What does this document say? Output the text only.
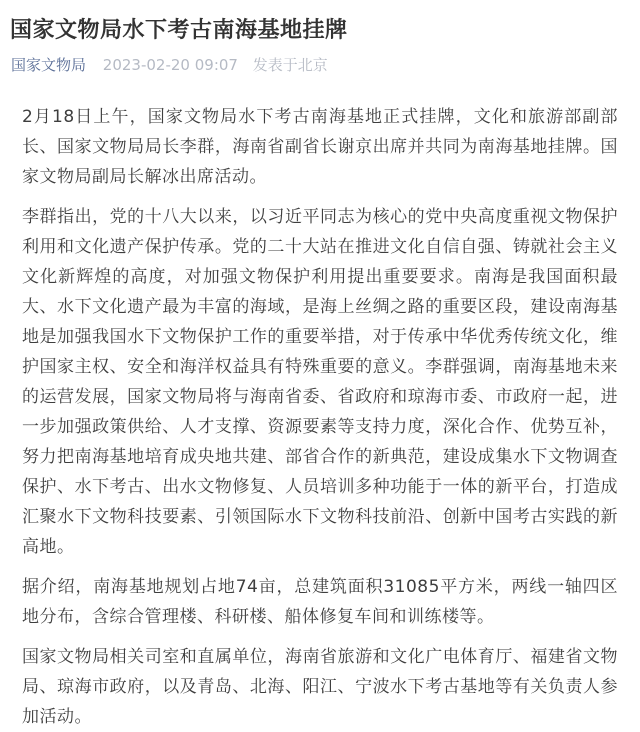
国家文物局水下考古南海基地挂牌
国家文物局 2023-02-20 09:07 发表于北京

2月18日上午，国家文物局水下考古南海基地正式挂牌，文化和旅游部副部长、国家文物局局长李群，海南省副省长谢京出席并共同为南海基地挂牌。国家文物局副局长解冰出席活动。

李群指出，党的十八大以来，以习近平同志为核心的党中央高度重视文物保护利用和文化遗产保护传承。党的二十大站在推进文化自信自强、铸就社会主义文化新辉煌的高度，对加强文物保护利用提出重要要求。南海是我国面积最大、水下文化遗产最为丰富的海域，是海上丝绸之路的重要区段，建设南海基地是加强我国水下文物保护工作的重要举措，对于传承中华优秀传统文化，维护国家主权、安全和海洋权益具有特殊重要的意义。李群强调，南海基地未来的运营发展，国家文物局将与海南省委、省政府和琼海市委、市政府一起，进一步加强政策供给、人才支撑、资源要素等支持力度，深化合作、优势互补，努力把南海基地培育成央地共建、部省合作的新典范，建设成集水下文物调查保护、水下考古、出水文物修复、人员培训多种功能于一体的新平台，打造成汇聚水下文物科技要素、引领国际水下文物科技前沿、创新中国考古实践的新高地。

据介绍，南海基地规划占地74亩，总建筑面积31085平方米，两线一轴四区地分布，含综合管理楼、科研楼、船体修复车间和训练楼等。

国家文物局相关司室和直属单位，海南省旅游和文化广电体育厅、福建省文物局、琼海市政府，以及青岛、北海、阳江、宁波水下考古基地等有关负责人参加活动。
